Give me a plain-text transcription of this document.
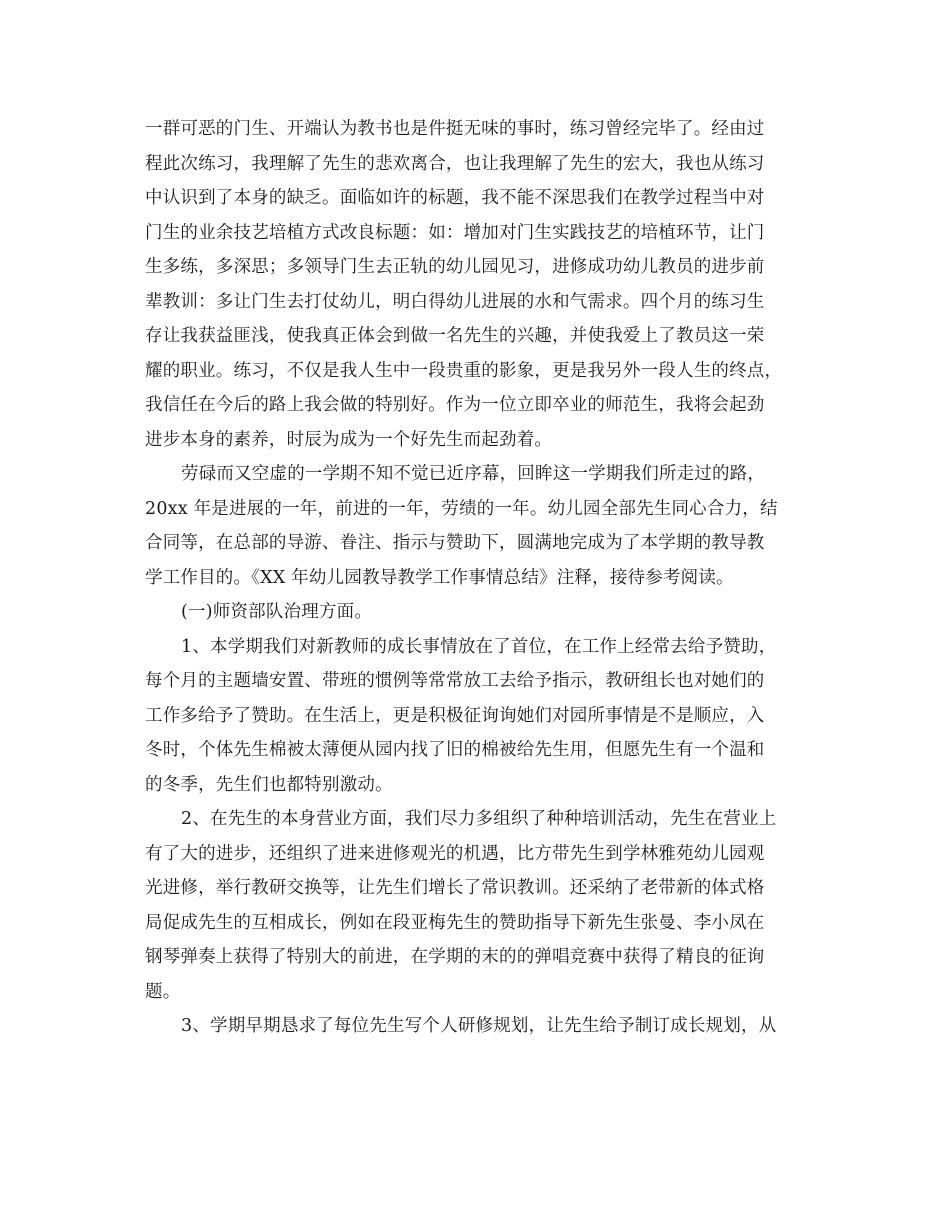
一群可恶的门生、开端认为教书也是件挺无味的事时，练习曾经完毕了。经由过
程此次练习，我理解了先生的悲欢离合，也让我理解了先生的宏大，我也从练习
中认识到了本身的缺乏。面临如许的标题，我不能不深思我们在教学过程当中对
门生的业余技艺培植方式改良标题：如：增加对门生实践技艺的培植环节，让门
生多练，多深思；多领导门生去正轨的幼儿园见习，进修成功幼儿教员的进步前
辈教训：多让门生去打仗幼儿，明白得幼儿进展的水和气需求。四个月的练习生
存让我获益匪浅，使我真正体会到做一名先生的兴趣，并使我爱上了教员这一荣
耀的职业。练习，不仅是我人生中一段贵重的影象，更是我另外一段人生的终点，
我信任在今后的路上我会做的特别好。作为一位立即卒业的师范生，我将会起劲
进步本身的素养，时辰为成为一个好先生而起劲着。
劳碌而又空虚的一学期不知不觉已近序幕，回眸这一学期我们所走过的路，
20xx 年是进展的一年，前进的一年，劳绩的一年。幼儿园全部先生同心合力，结
合同等，在总部的导游、眷注、指示与赞助下，圆满地完成为了本学期的教导教
学工作目的。《XX 年幼儿园教导教学工作事情总结》注释，接待参考阅读。
(一)师资部队治理方面。
1、本学期我们对新教师的成长事情放在了首位，在工作上经常去给予赞助，
每个月的主题墙安置、带班的惯例等常常放工去给予指示，教研组长也对她们的
工作多给予了赞助。在生活上，更是积极征询询她们对园所事情是不是顺应，入
冬时，个体先生棉被太薄便从园内找了旧的棉被给先生用，但愿先生有一个温和
的冬季，先生们也都特别激动。
2、在先生的本身营业方面，我们尽力多组织了种种培训活动，先生在营业上
有了大的进步，还组织了进来进修观光的机遇，比方带先生到学林雅苑幼儿园观
光进修，举行教研交换等，让先生们增长了常识教训。还采纳了老带新的体式格
局促成先生的互相成长，例如在段亚梅先生的赞助指导下新先生张曼、李小凤在
钢琴弹奏上获得了特别大的前进，在学期的末的的弹唱竞赛中获得了精良的征询
题。
3、学期早期恳求了每位先生写个人研修规划，让先生给予制订成长规划，从
